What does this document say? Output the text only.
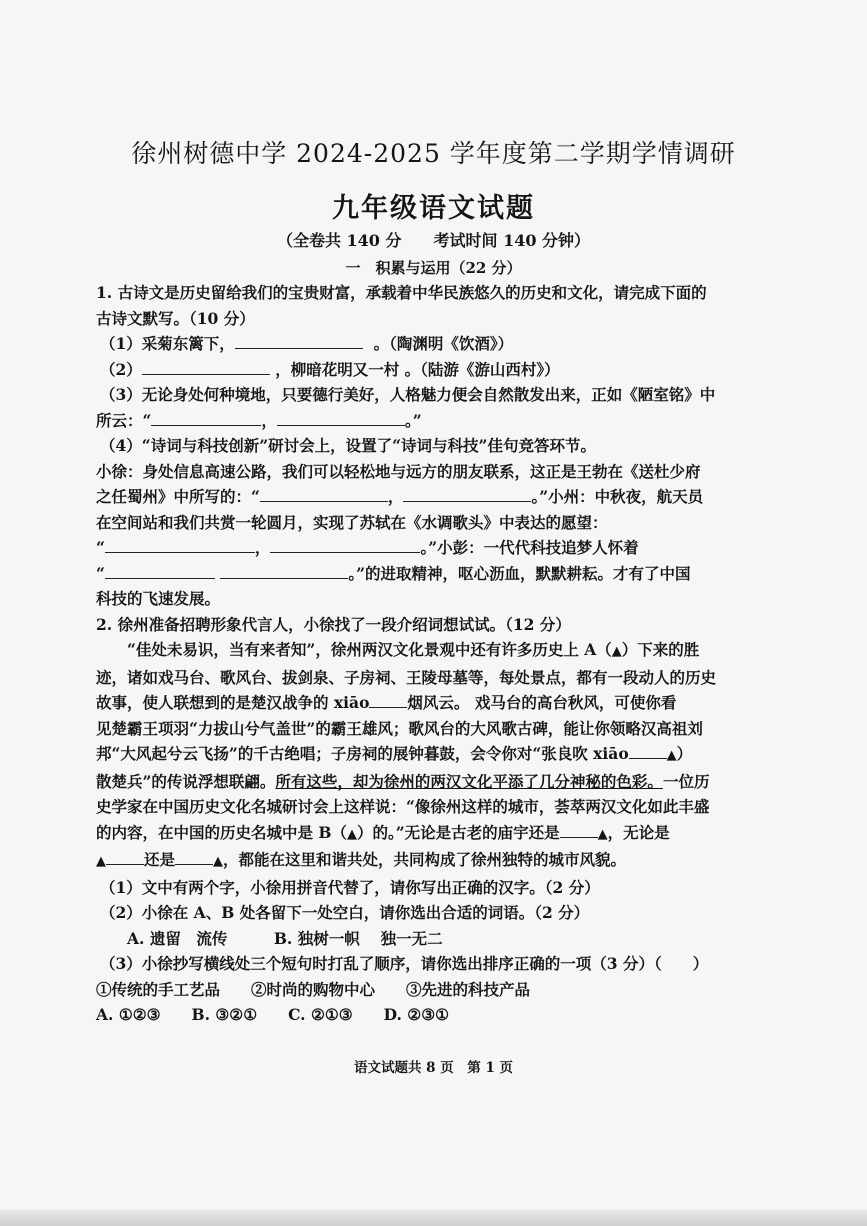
徐州树德中学 2024-2025 学年度第二学期学情调研
九年级语文试题
（全卷共 140 分　　考试时间 140 分钟）
一　积累与运用（22 分）

1. 古诗文是历史留给我们的宝贵财富，承载着中华民族悠久的历史和文化，请完成下面的

古诗文默写。（10 分）

（1）采菊东篱下，	。（陶渊明《饮酒》）

（2）	，柳暗花明又一村 。（陆游《游山西村》）

（3）无论身处何种境地，只要德行美好，人格魅力便会自然散发出来，正如《陋室铭》中

所云：“	，	。”

（4）“诗词与科技创新”研讨会上，设置了“诗词与科技”佳句竞答环节。

小徐：身处信息高速公路，我们可以轻松地与远方的朋友联系，这正是王勃在《送杜少府

之任蜀州》中所写的：“	，	。”小州：中秋夜，航天员

在空间站和我们共赏一轮圆月，实现了苏轼在《水调歌头》中表达的愿望：

“	，	。”小彭：一代代科技追梦人怀着

“	。”的进取精神，呕心沥血，默默耕耘。才有了中国

科技的飞速发展。

2. 徐州准备招聘形象代言人，小徐找了一段介绍词想试试。（12 分）

“佳处未易识，当有来者知”，徐州两汉文化景观中还有许多历史上 A（▲）下来的胜

迹，诸如戏马台、歌风台、拔剑泉、子房祠、王陵母墓等，每处景点，都有一段动人的历史

故事，使人联想到的是楚汉战争的 xiāo 烟风云。 戏马台的高台秋风，可使你看

见楚霸王项羽“力拔山兮气盖世”的霸王雄风；歌风台的大风歌古碑，能让你领略汉高祖刘

邦“大风起兮云飞扬”的千古绝唱；子房祠的展钟暮鼓，会令你对“张良吹 xiāo	▲）

散楚兵”的传说浮想联翩。所有这些，却为徐州的两汉文化平添了几分神秘的色彩。一位历

史学家在中国历史文化名城研讨会上这样说：“像徐州这样的城市，荟萃两汉文化如此丰盛

的内容，在中国的历史名城中是 B（▲）的。”无论是古老的庙宇还是	▲，无论是

▲ 还是	▲，都能在这里和谐共处，共同构成了徐州独特的城市风貌。

（1）文中有两个字，小徐用拼音代替了，请你写出正确的汉字。（2 分）

（2）小徐在 A、B 处各留下一处空白，请你选出合适的词语。（2 分）

A. 遗留　流传　　　B. 独树一帜　 独一无二

（3）小徐抄写横线处三个短句时打乱了顺序，请你选出排序正确的一项（3 分）（　　）

①传统的手工艺品　　②时尚的购物中心　　③先进的科技产品

A. ①②③　　B. ③②①　　C. ②①③　　D. ②③①

语文试题共 8 页　第 1 页
